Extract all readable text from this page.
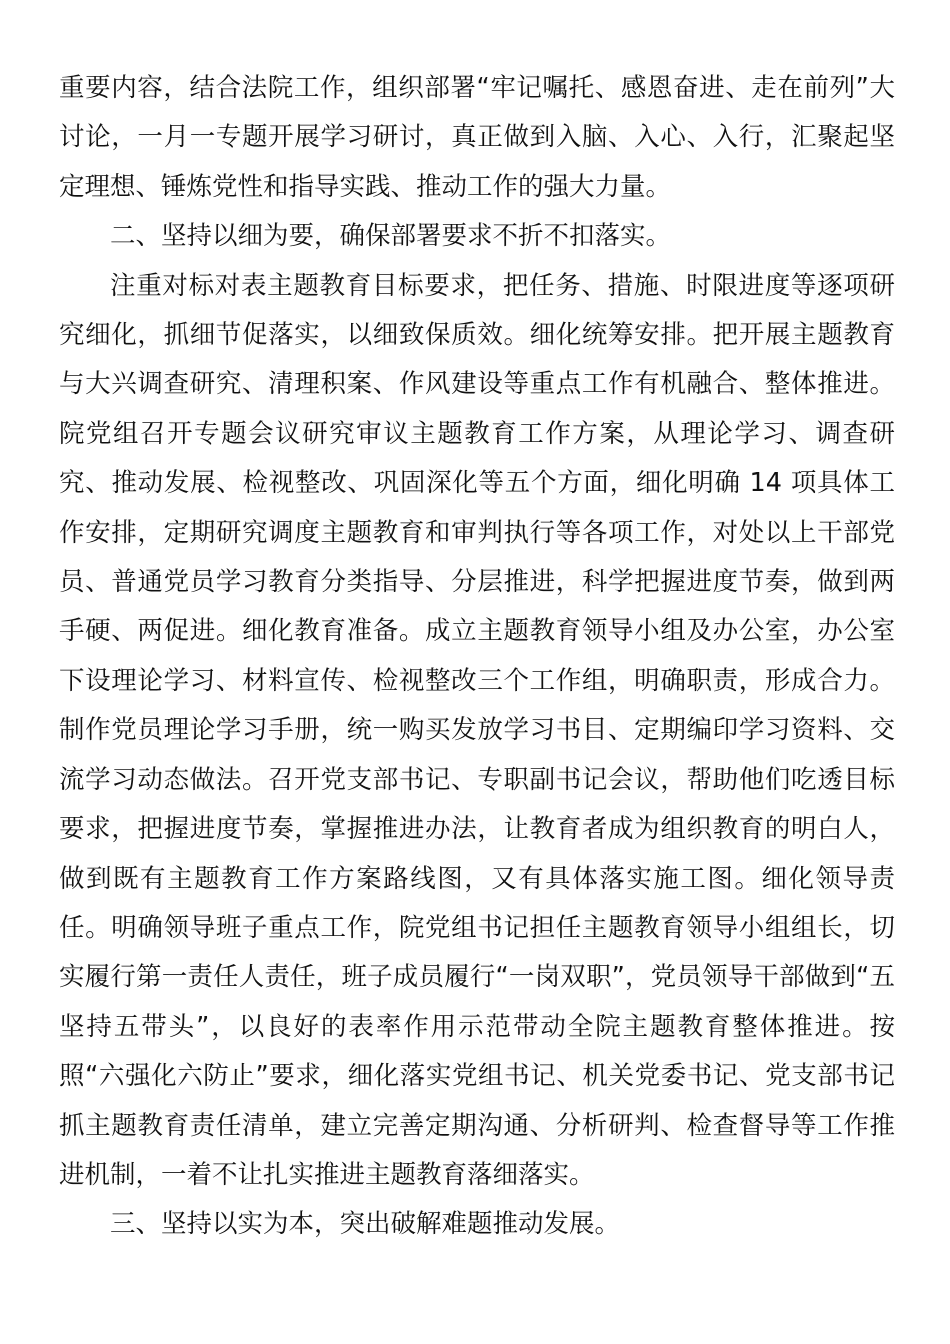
重要内容，结合法院工作，组织部署“牢记嘱托、感恩奋进、走在前列”大讨论，一月一专题开展学习研讨，真正做到入脑、入心、入行，汇聚起坚定理想、锤炼党性和指导实践、推动工作的强大力量。

二、坚持以细为要，确保部署要求不折不扣落实。

注重对标对表主题教育目标要求，把任务、措施、时限进度等逐项研究细化，抓细节促落实，以细致保质效。细化统筹安排。把开展主题教育与大兴调查研究、清理积案、作风建设等重点工作有机融合、整体推进。院党组召开专题会议研究审议主题教育工作方案，从理论学习、调查研究、推动发展、检视整改、巩固深化等五个方面，细化明确 14 项具体工作安排，定期研究调度主题教育和审判执行等各项工作，对处以上干部党员、普通党员学习教育分类指导、分层推进，科学把握进度节奏，做到两手硬、两促进。细化教育准备。成立主题教育领导小组及办公室，办公室下设理论学习、材料宣传、检视整改三个工作组，明确职责，形成合力。制作党员理论学习手册，统一购买发放学习书目、定期编印学习资料、交流学习动态做法。召开党支部书记、专职副书记会议，帮助他们吃透目标要求，把握进度节奏，掌握推进办法，让教育者成为组织教育的明白人，做到既有主题教育工作方案路线图，又有具体落实施工图。细化领导责任。明确领导班子重点工作，院党组书记担任主题教育领导小组组长，切实履行第一责任人责任，班子成员履行“一岗双职”，党员领导干部做到“五坚持五带头”，以良好的表率作用示范带动全院主题教育整体推进。按照“六强化六防止”要求，细化落实党组书记、机关党委书记、党支部书记抓主题教育责任清单，建立完善定期沟通、分析研判、检查督导等工作推进机制，一着不让扎实推进主题教育落细落实。

三、坚持以实为本，突出破解难题推动发展。
